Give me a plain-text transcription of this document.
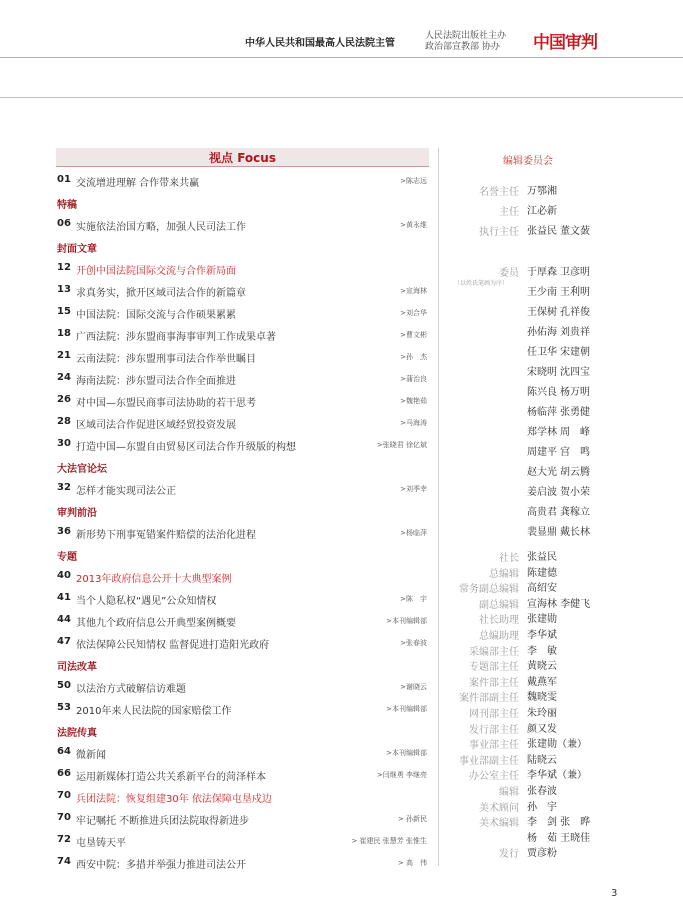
中华人民共和国最高人民法院主管
人民法院出版社主办
政治部宣教部 协办	中国审判
视点 Focus
01 交流增进理解 合作带来共赢	>陈志远
特稿
06 实施依法治国方略，加强人民司法工作	>黄永维
封面文章
12 开创中国法院国际交流与合作新局面
13 求真务实，掀开区域司法合作的新篇章	>宣海林
15 中国法院：国际交流与合作硕果累累	>刘合华
18 广西法院：涉东盟商事海事审判工作成果卓著	>曹文彬
21 云南法院：涉东盟刑事司法合作举世瞩目	>孙　杰
24 海南法院：涉东盟司法合作全面推进	>蒲治良
26 对中国—东盟民商事司法协助的若干思考	>魏艳茹
28 区域司法合作促进区域经贸投资发展	>马海涛
30 打造中国—东盟自由贸易区司法合作升级版的构想	>张晓君 徐亿斌
大法官论坛
32 怎样才能实现司法公正	>刘季幸
审判前沿
36 新形势下刑事冤错案件赔偿的法治化进程	>杨临萍
专题
40 2013年政府信息公开十大典型案例
41 当个人隐私权“遇见”公众知情权	>陈　宇
44 其他九个政府信息公开典型案例概要	>本刊编辑部
47 依法保障公民知情权 监督促进打造阳光政府	>张春波
司法改革
50 以法治方式破解信访难题	>谢晓云
53 2010年来人民法院的国家赔偿工作	>本刊编辑部
法院传真
64 微新闻	>本刊编辑部
66 运用新媒体打造公共关系新平台的菏泽样本	>闫继勇 李继亮
70 兵团法院：恢复组建30年 依法保障屯垦戍边
70 牢记嘱托 不断推进兵团法院取得新进步	> 孙新民
72 屯垦铸天平	> 崔建民 张慧芳 张惟生
74 西安中院：多措并举强力推进司法公开	> 高　伟
编辑委员会
（以姓氏笔画为序）
名誉主任 万鄂湘
主任 江必新
执行主任 张益民 董文蔹
委员 于厚森 卫彦明
王少南 王利明
王保树 孔祥俊
孙佑海 刘贵祥
任卫华 宋建朝
宋晓明 沈四宝
陈兴良 杨万明
杨临萍 张勇健
郑学林 周　峰
周建平 宫　鸣
赵大光 胡云腾
姜启波 贺小荣
高贵君 龚稼立
裴显鼎 戴长林
社长 张益民
总编辑 陈建德
常务副总编辑 高绍安
副总编辑 宣海林 李健飞
社长助理 张建勋
总编助理 李华斌
采编部主任 李　敏
专题部主任 黄晓云
案件部主任 戴燕军
案件部副主任 魏晓雯
网刊部主任 朱玲丽
发行部主任 颜又发
事业部主任 张建勋（兼）
事业部副主任 陆晓云
办公室主任 李华斌（兼）
编辑 张春波
美术顾问 孙　宇
美术编辑 李　剑 张　晔
杨　茹 王晓佳
发行 贾彦粉
3
